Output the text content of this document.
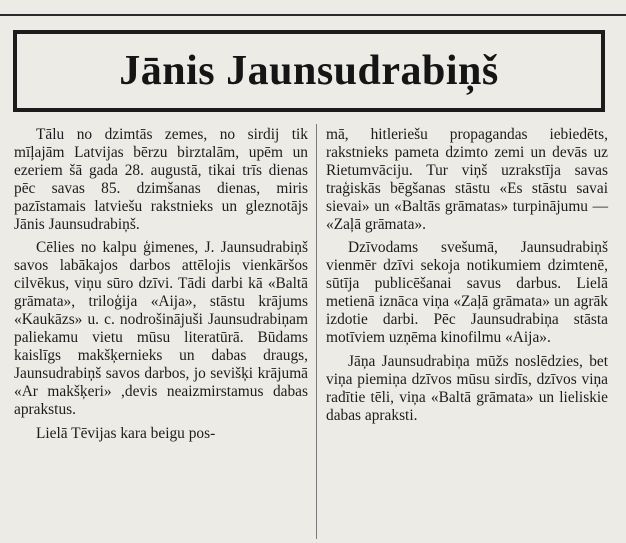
Jānis Jaunsudrabiņš

Tālu no dzimtās zemes, no sirdij tik mīļajām Latvijas bērzu birztalām, upēm un ezeriem šā gada 28. augustā, tikai trīs dienas pēc savas 85. dzimšanas dienas, miris pazīstamais latviešu rakstnieks un gleznotājs Jānis Jaunsudrabiņš.

Cēlies no kalpu ģimenes, J. Jaunsudrabiņš savos labākajos darbos attēlojis vienkāršos cilvēkus, viņu sūro dzīvi. Tādi darbi kā «Baltā grāmata», triloģija «Aija», stāstu krājums «Kaukāzs» u. c. nodrošinājuši Jaunsudrabiņam paliekamu vietu mūsu literatūrā. Būdams kaislīgs makšķernieks un dabas draugs, Jaunsudrabiņš savos darbos, jo sevišķi krājumā «Ar makšķeri» ,devis neaizmirstamus dabas aprakstus.

Lielā Tēvijas kara beigu pos-

mā, hitleriešu propagandas iebiedēts, rakstnieks pameta dzimto zemi un devās uz Rietumvāciju. Tur viņš uzrakstīja savas traģiskās bēgšanas stāstu «Es stāstu savai sievai» un «Baltās grāmatas» turpinājumu — «Zaļā grāmata».

Dzīvodams svešumā, Jaunsudrabiņš vienmēr dzīvi sekoja notikumiem dzimtenē, sūtīja publicēšanai savus darbus. Lielā metienā iznāca viņa «Zaļā grāmata» un agrāk izdotie darbi. Pēc Jaunsudrabiņa stāsta motīviem uzņēma kinofilmu «Aija».

Jāņa Jaunsudrabiņa mūžs noslēdzies, bet viņa piemiņa dzīvos mūsu sirdīs, dzīvos viņa radītie tēli, viņa «Baltā grāmata» un lieliskie dabas apraksti.
